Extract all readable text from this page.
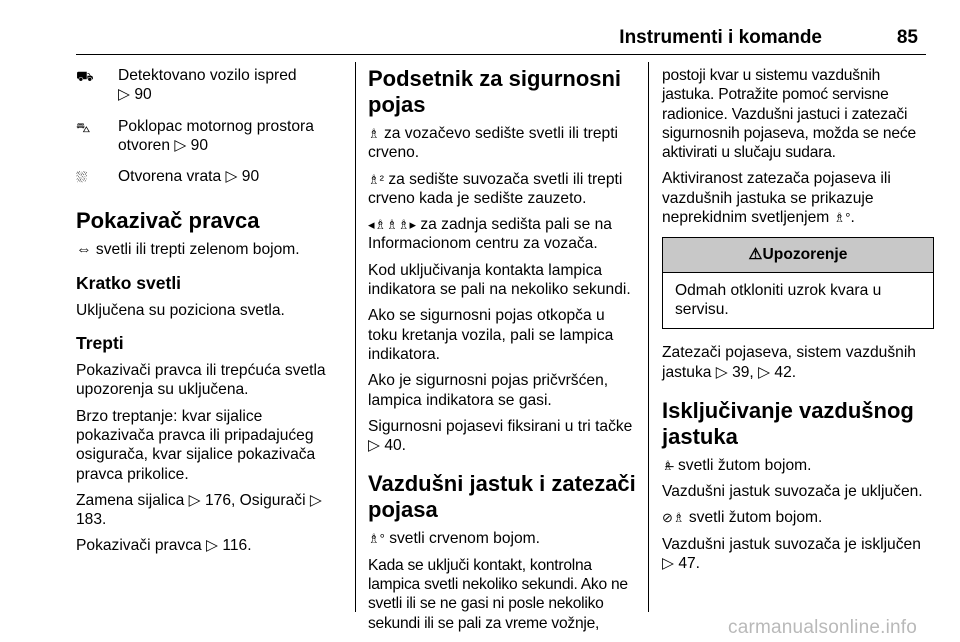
Instrumenti i komande	85

⛟	Detektovano vozilo ispred
▷ 90

⛍	Poklopac motornog prostora
otvoren ▷ 90

⛆	Otvorena vrata ▷ 90

Pokazivač pravca

⇔ svetli ili trepti zelenom bojom.

Kratko svetli

Uključena su poziciona svetla.

Trepti

Pokazivači pravca ili trepćuća svetla upozorenja su uključena.

Brzo treptanje: kvar sijalice pokazivača pravca ili pripadajućeg osigurača, kvar sijalice pokazivača pravca prikolice.

Zamena sijalica ▷ 176, Osigurači ▷ 183.

Pokazivači pravca ▷ 116.

Podsetnik za sigurnosni pojas

♗ za vozačevo sedište svetli ili trepti crveno.

♗² za sedište suvozača svetli ili trepti crveno kada je sedište zauzeto.

◂♗♗♗▸ za zadnja sedišta pali se na Informacionom centru za vozača.

Kod uključivanja kontakta lampica indikatora se pali na nekoliko sekundi.

Ako se sigurnosni pojas otkopča u toku kretanja vozila, pali se lampica indikatora.

Ako je sigurnosni pojas pričvršćen, lampica indikatora se gasi.

Sigurnosni pojasevi fiksirani u tri tačke ▷ 40.

Vazdušni jastuk i zatezači pojasa

♗° svetli crvenom bojom.

Kada se uključi kontakt, kontrolna lampica svetli nekoliko sekundi. Ako ne svetli ili se ne gasi ni posle nekoliko sekundi ili se pali za vreme vožnje,

postoji kvar u sistemu vazdušnih jastuka. Potražite pomoć servisne radionice. Vazdušni jastuci i zatezači sigurnosnih pojaseva, možda se neće aktivirati u slučaju sudara.

Aktiviranost zatezača pojaseva ili vazdušnih jastuka se prikazuje neprekidnim svetljenjem ♗°.

⚠Upozorenje
Odmah otkloniti uzrok kvara u servisu.

Zatezači pojaseva, sistem vazdušnih jastuka ▷ 39, ▷ 42.

Isključivanje vazdušnog jastuka

♗̶ svetli žutom bojom.

Vazdušni jastuk suvozača je uključen.

⊘♗ svetli žutom bojom.

Vazdušni jastuk suvozača je isključen ▷ 47.

carmanualsonline.info
